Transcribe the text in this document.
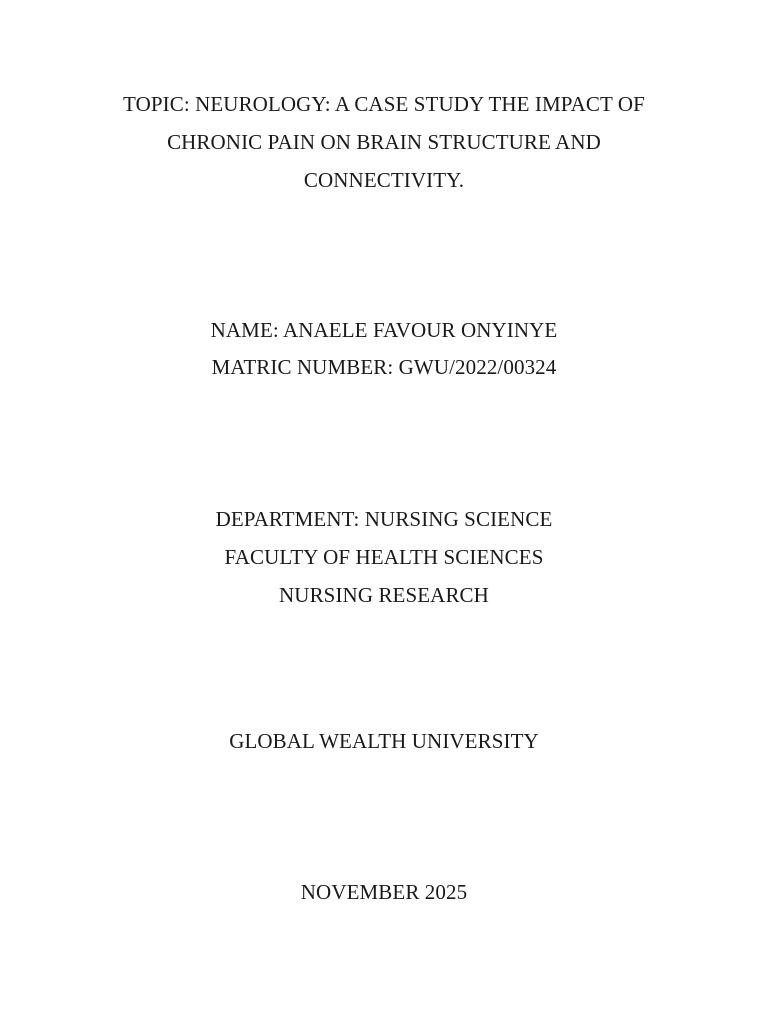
TOPIC: NEUROLOGY: A CASE STUDY THE IMPACT OF
CHRONIC PAIN ON BRAIN STRUCTURE AND
CONNECTIVITY.
NAME: ANAELE FAVOUR ONYINYE
MATRIC NUMBER: GWU/2022/00324
DEPARTMENT: NURSING SCIENCE
FACULTY OF HEALTH SCIENCES
NURSING RESEARCH
GLOBAL WEALTH UNIVERSITY
NOVEMBER 2025
